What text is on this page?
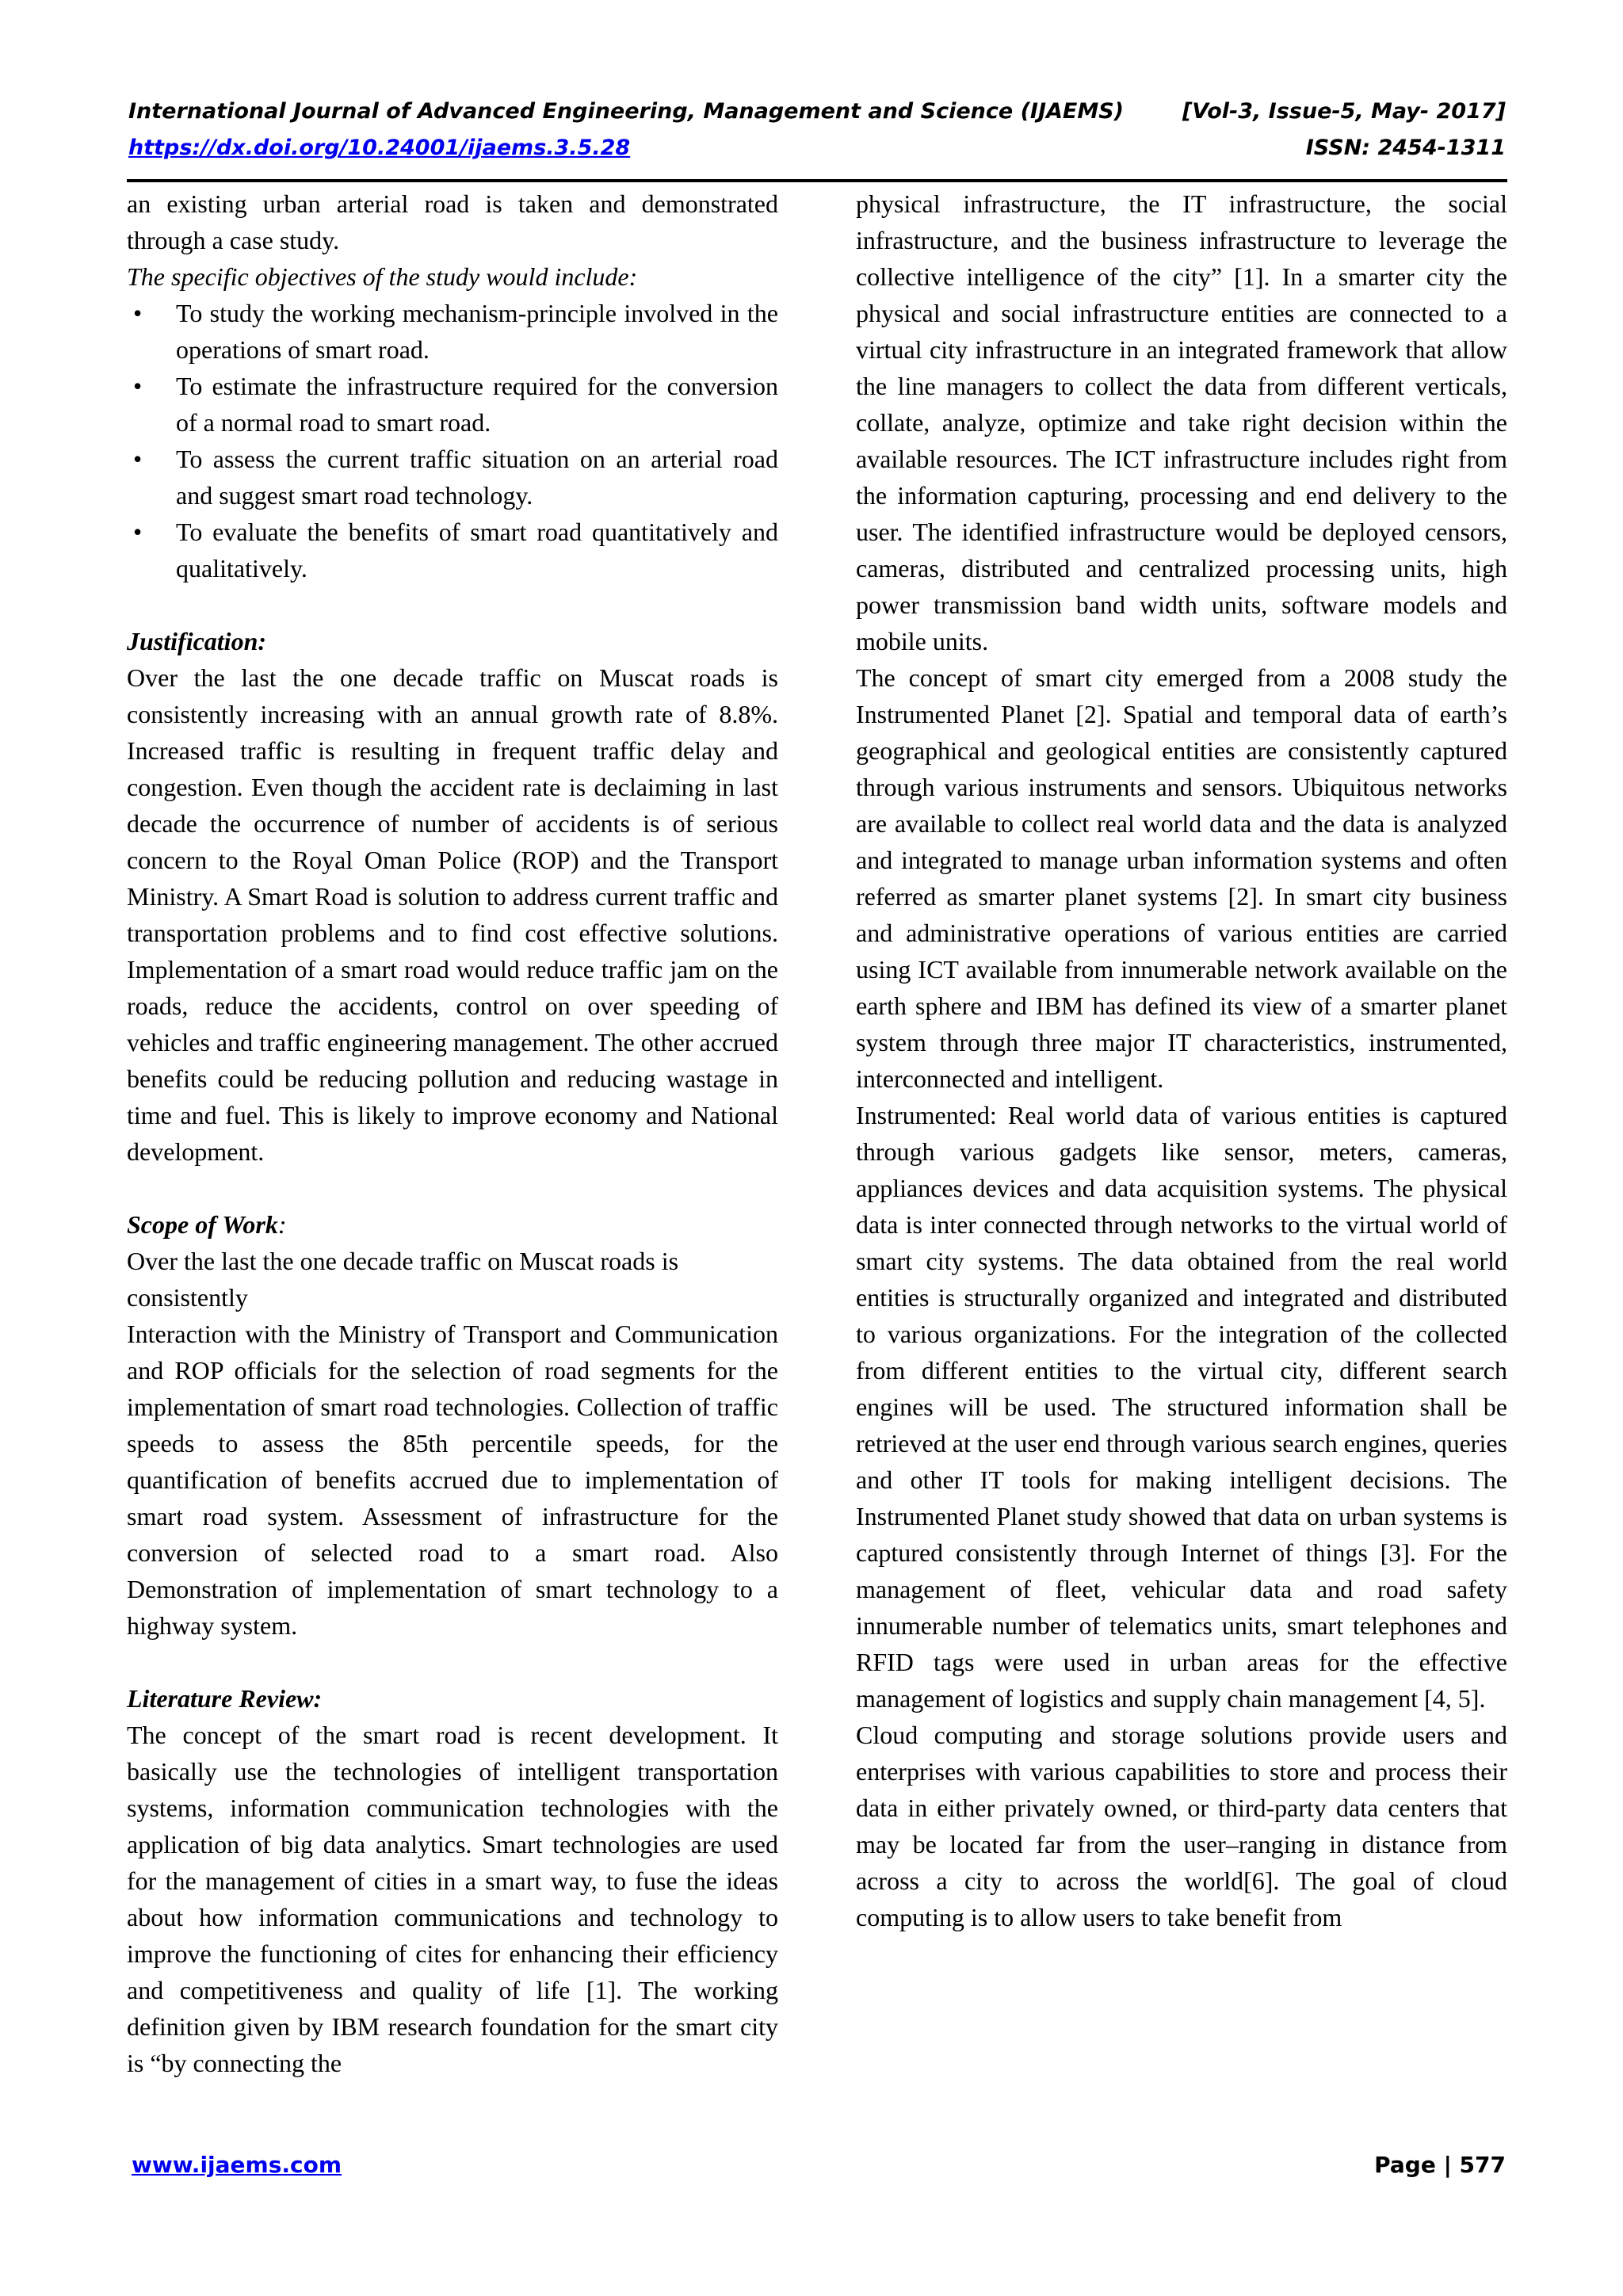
International Journal of Advanced Engineering, Management and Science (IJAEMS)	[Vol-3, Issue-5, May- 2017]
https://dx.doi.org/10.24001/ijaems.3.5.28	ISSN: 2454-1311

an existing urban arterial road is taken and demonstrated through a case study.

The specific objectives of the study would include:

• To study the working mechanism-principle involved in the operations of smart road.
• To estimate the infrastructure required for the conversion of a normal road to smart road.
• To assess the current traffic situation on an arterial road and suggest smart road technology.
• To evaluate the benefits of smart road quantitatively and qualitatively.

Justification:

Over the last the one decade traffic on Muscat roads is consistently increasing with an annual growth rate of 8.8%. Increased traffic is resulting in frequent traffic delay and congestion. Even though the accident rate is declaiming in last decade the occurrence of number of accidents is of serious concern to the Royal Oman Police (ROP) and the Transport Ministry. A Smart Road is solution to address current traffic and transportation problems and to find cost effective solutions. Implementation of a smart road would reduce traffic jam on the roads, reduce the accidents, control on over speeding of vehicles and traffic engineering management. The other accrued benefits could be reducing pollution and reducing wastage in time and fuel. This is likely to improve economy and National development.

Scope of Work:

Over the last the one decade traffic on Muscat roads is consistently

Interaction with the Ministry of Transport and Communication and ROP officials for the selection of road segments for the implementation of smart road technologies. Collection of traffic speeds to assess the 85th percentile speeds, for the quantification of benefits accrued due to implementation of smart road system. Assessment of infrastructure for the conversion of selected road to a smart road. Also Demonstration of implementation of smart technology to a highway system.

Literature Review:

The concept of the smart road is recent development. It basically use the technologies of intelligent transportation systems, information communication technologies with the application of big data analytics. Smart technologies are used for the management of cities in a smart way, to fuse the ideas about how information communications and technology to improve the functioning of cites for enhancing their efficiency and competitiveness and quality of life [1]. The working definition given by IBM research foundation for the smart city is “by connecting the

physical infrastructure, the IT infrastructure, the social infrastructure, and the business infrastructure to leverage the collective intelligence of the city” [1]. In a smarter city the physical and social infrastructure entities are connected to a virtual city infrastructure in an integrated framework that allow the line managers to collect the data from different verticals, collate, analyze, optimize and take right decision within the available resources. The ICT infrastructure includes right from the information capturing, processing and end delivery to the user. The identified infrastructure would be deployed censors, cameras, distributed and centralized processing units, high power transmission band width units, software models and mobile units.

The concept of smart city emerged from a 2008 study the Instrumented Planet [2]. Spatial and temporal data of earth’s geographical and geological entities are consistently captured through various instruments and sensors. Ubiquitous networks are available to collect real world data and the data is analyzed and integrated to manage urban information systems and often referred as smarter planet systems [2]. In smart city business and administrative operations of various entities are carried using ICT available from innumerable network available on the earth sphere and IBM has defined its view of a smarter planet system through three major IT characteristics, instrumented, interconnected and intelligent.

Instrumented: Real world data of various entities is captured through various gadgets like sensor, meters, cameras, appliances devices and data acquisition systems. The physical data is inter connected through networks to the virtual world of smart city systems. The data obtained from the real world entities is structurally organized and integrated and distributed to various organizations. For the integration of the collected from different entities to the virtual city, different search engines will be used. The structured information shall be retrieved at the user end through various search engines, queries and other IT tools for making intelligent decisions. The Instrumented Planet study showed that data on urban systems is captured consistently through Internet of things [3]. For the management of fleet, vehicular data and road safety innumerable number of telematics units, smart telephones and RFID tags were used in urban areas for the effective management of logistics and supply chain management [4, 5].

Cloud computing and storage solutions provide users and enterprises with various capabilities to store and process their data in either privately owned, or third-party data centers that may be located far from the user–ranging in distance from across a city to across the world[6]. The goal of cloud computing is to allow users to take benefit from

www.ijaems.com	Page | 577
